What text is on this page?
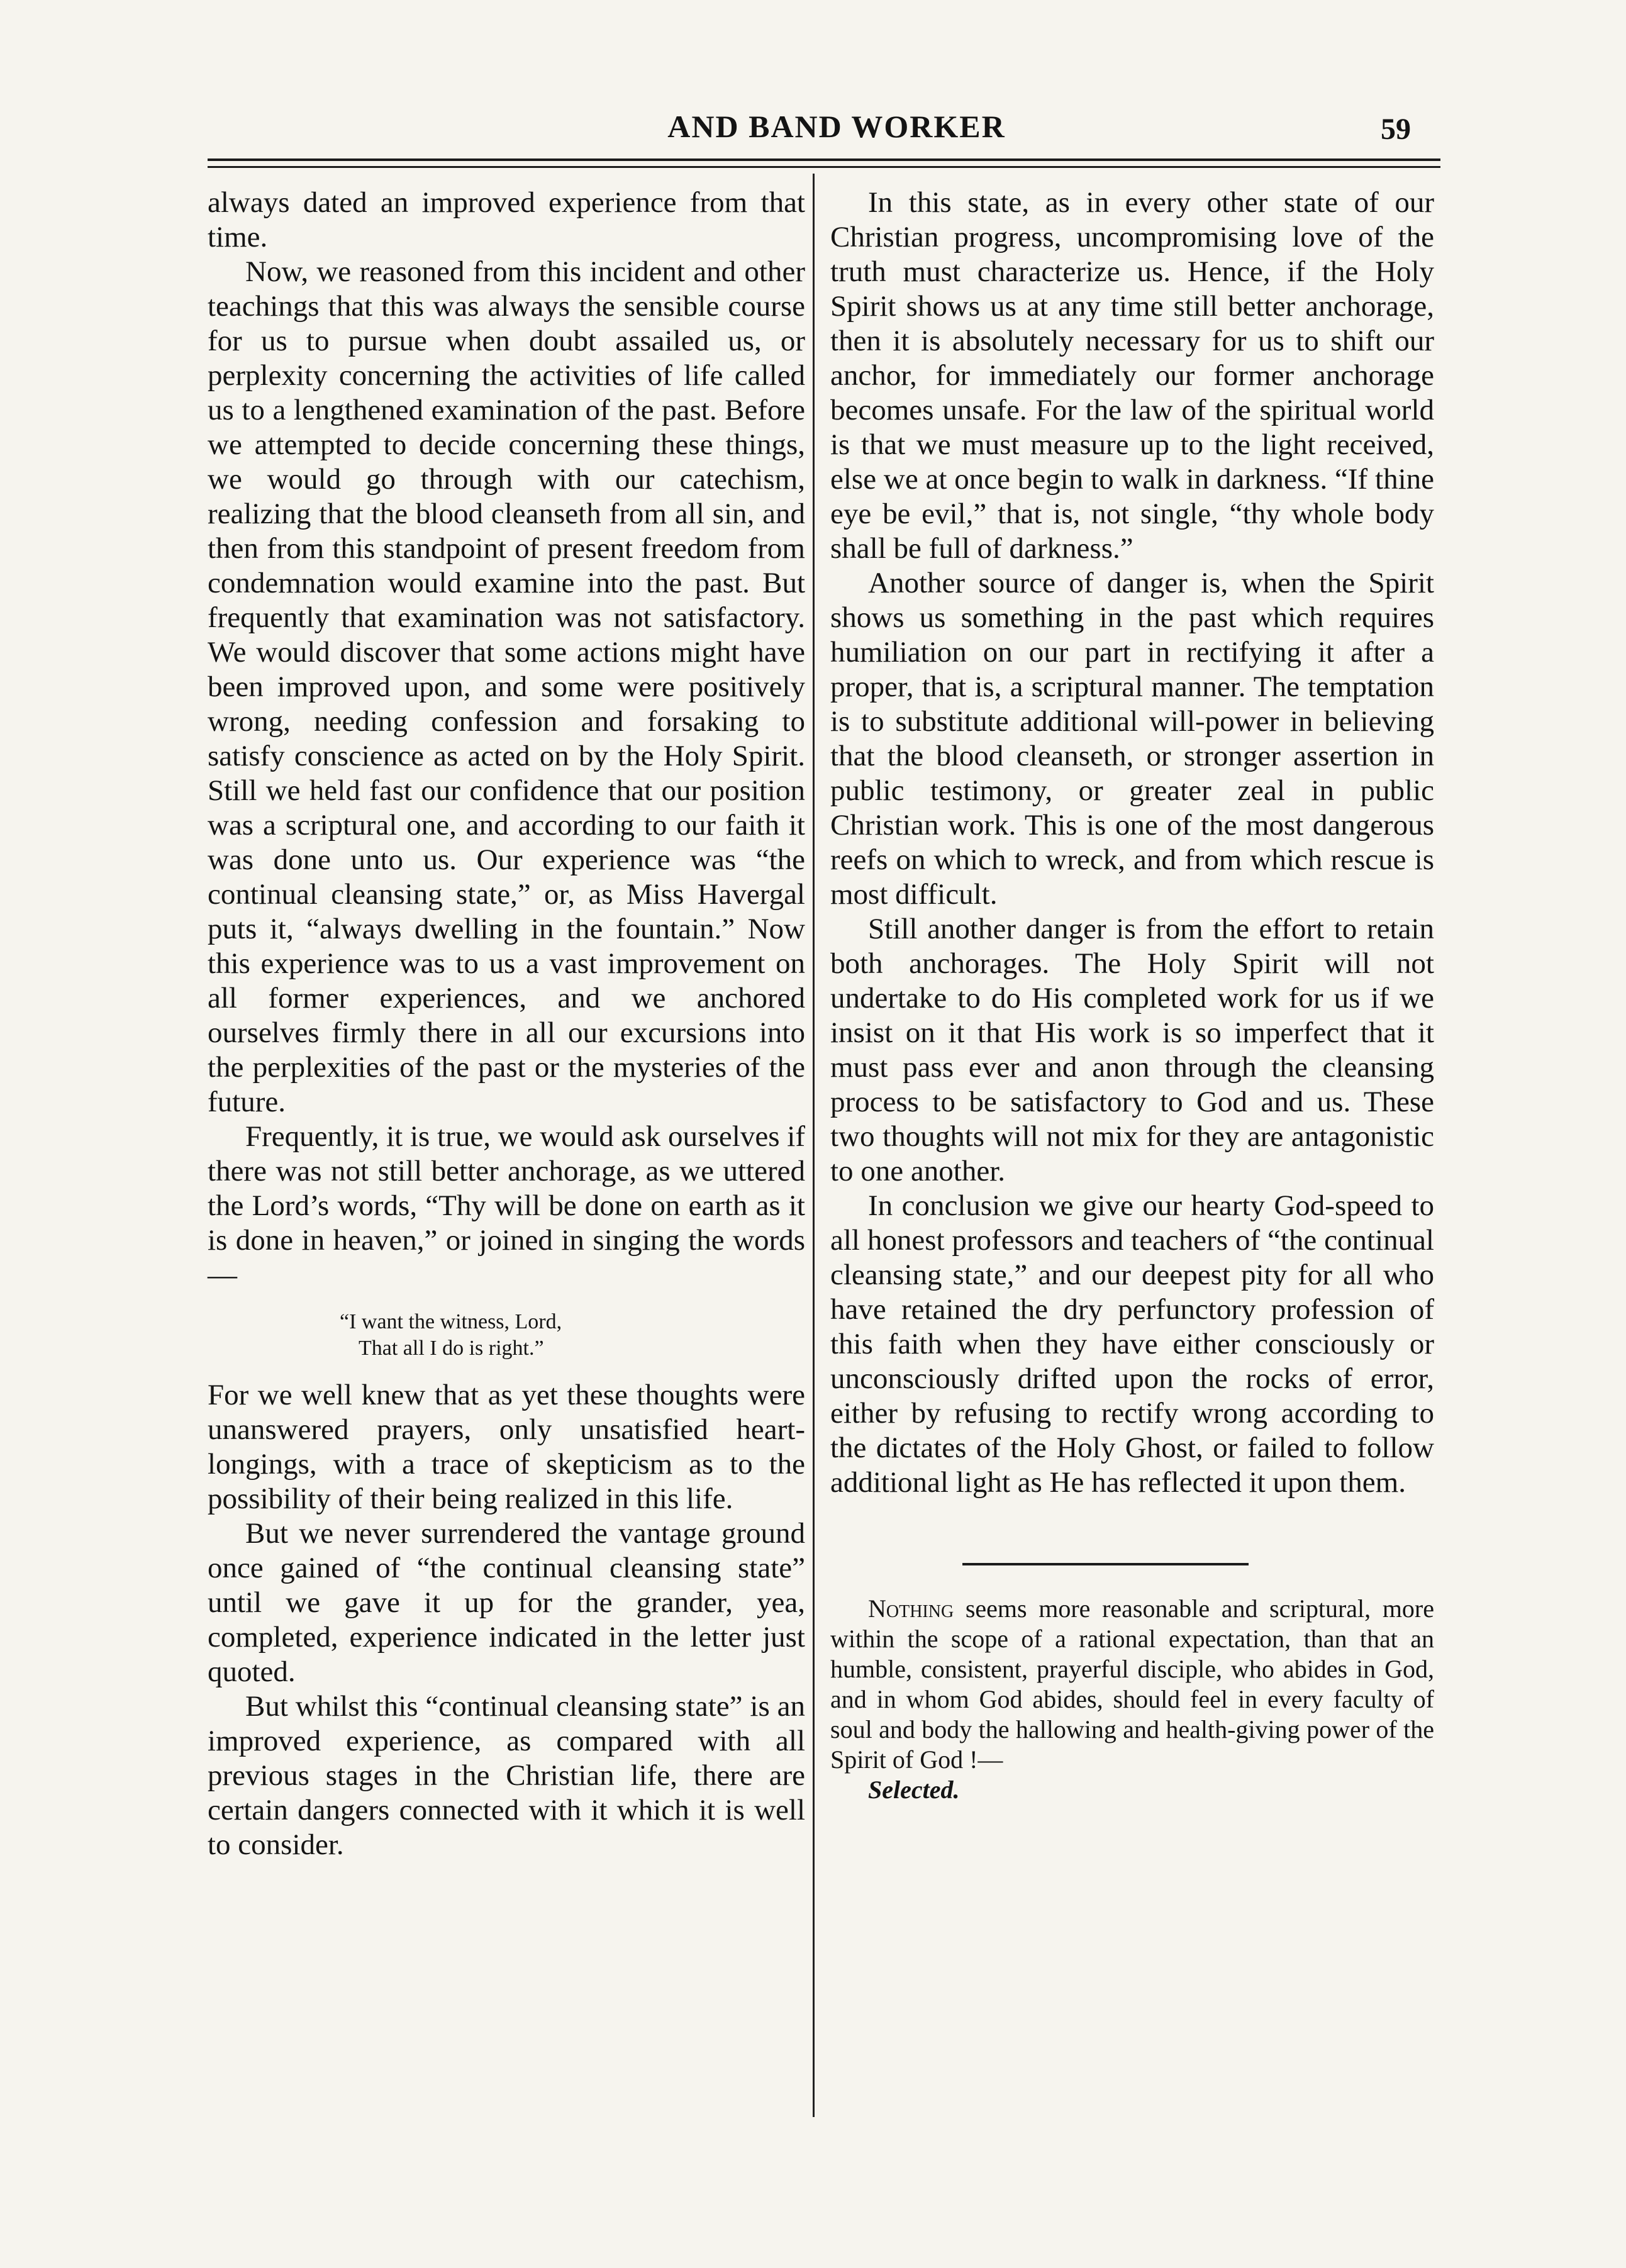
AND BAND WORKER	59

always dated an improved experience from that time.

Now, we reasoned from this incident and other teachings that this was always the sensible course for us to pursue when doubt assailed us, or perplexity concerning the activities of life called us to a lengthened examination of the past. Before we attempted to decide concerning these things, we would go through with our catechism, realizing that the blood cleanseth from all sin, and then from this standpoint of present freedom from condemnation would examine into the past. But frequently that examination was not satisfactory. We would discover that some actions might have been improved upon, and some were positively wrong, needing confession and forsaking to satisfy conscience as acted on by the Holy Spirit. Still we held fast our confidence that our position was a scriptural one, and according to our faith it was done unto us. Our experience was “the continual cleansing state,” or, as Miss Havergal puts it, “always dwelling in the fountain.” Now this experience was to us a vast improvement on all former experiences, and we anchored ourselves firmly there in all our excursions into the perplexities of the past or the mysteries of the future.

Frequently, it is true, we would ask ourselves if there was not still better anchorage, as we uttered the Lord’s words, “Thy will be done on earth as it is done in heaven,” or joined in singing the words—

“I want the witness, Lord,
That all I do is right.”

For we well knew that as yet these thoughts were unanswered prayers, only unsatisfied heart-longings, with a trace of skepticism as to the possibility of their being realized in this life.

But we never surrendered the vantage ground once gained of “the continual cleansing state” until we gave it up for the grander, yea, completed, experience indicated in the letter just quoted.

But whilst this “continual cleansing state” is an improved experience, as compared with all previous stages in the Christian life, there are certain dangers connected with it which it is well to consider.

In this state, as in every other state of our Christian progress, uncompromising love of the truth must characterize us. Hence, if the Holy Spirit shows us at any time still better anchorage, then it is absolutely necessary for us to shift our anchor, for immediately our former anchorage becomes unsafe. For the law of the spiritual world is that we must measure up to the light received, else we at once begin to walk in darkness. “If thine eye be evil,” that is, not single, “thy whole body shall be full of darkness.”

Another source of danger is, when the Spirit shows us something in the past which requires humiliation on our part in rectifying it after a proper, that is, a scriptural manner. The temptation is to substitute additional will-power in believing that the blood cleanseth, or stronger assertion in public testimony, or greater zeal in public Christian work. This is one of the most dangerous reefs on which to wreck, and from which rescue is most difficult.

Still another danger is from the effort to retain both anchorages. The Holy Spirit will not undertake to do His completed work for us if we insist on it that His work is so imperfect that it must pass ever and anon through the cleansing process to be satisfactory to God and us. These two thoughts will not mix for they are antagonistic to one another.

In conclusion we give our hearty God-speed to all honest professors and teachers of “the continual cleansing state,” and our deepest pity for all who have retained the dry perfunctory profession of this faith when they have either consciously or unconsciously drifted upon the rocks of error, either by refusing to rectify wrong according to the dictates of the Holy Ghost, or failed to follow additional light as He has reflected it upon them.

Nothing seems more reasonable and scriptural, more within the scope of a rational expectation, than that an humble, consistent, prayerful disciple, who abides in God, and in whom God abides, should feel in every faculty of soul and body the hallowing and health-giving power of the Spirit of God !—
Selected.
